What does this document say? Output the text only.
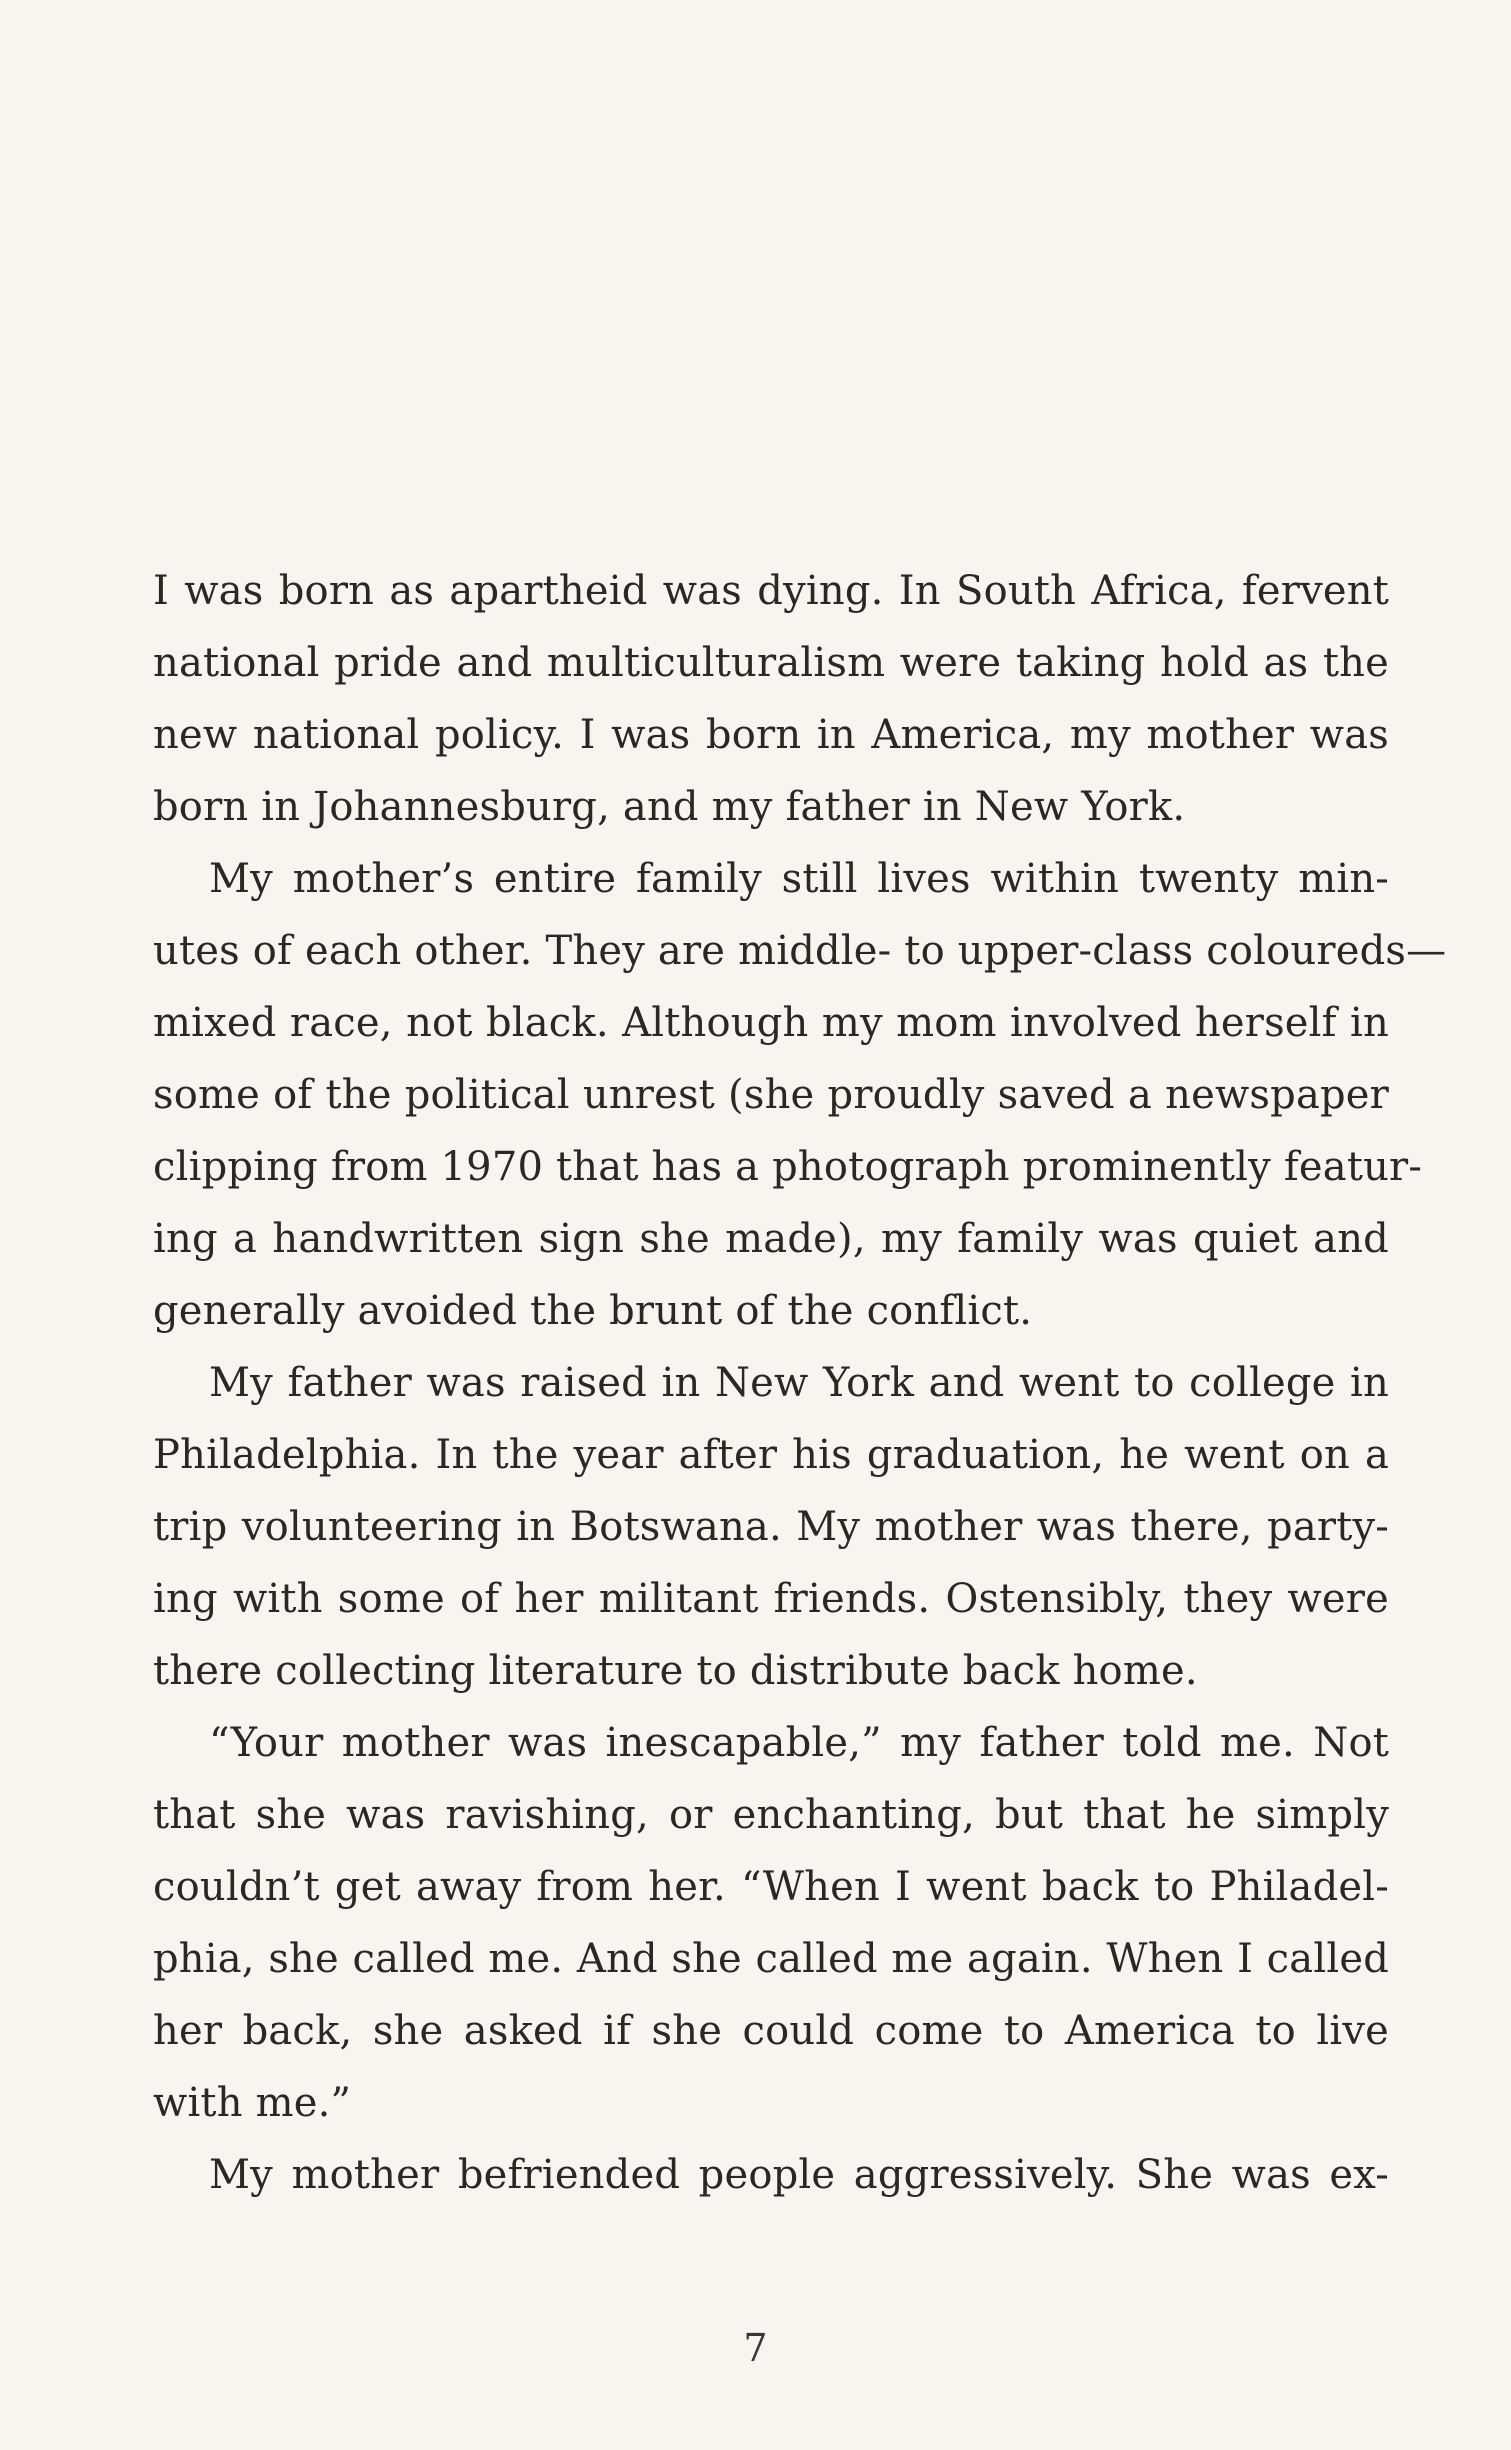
I was born as apartheid was dying. In South Africa, fervent
national pride and multiculturalism were taking hold as the
new national policy. I was born in America, my mother was
born in Johannesburg, and my father in New York.
My mother’s entire family still lives within twenty min-
utes of each other. They are middle- to upper-class coloureds—
mixed race, not black. Although my mom involved herself in
some of the political unrest (she proudly saved a newspaper
clipping from 1970 that has a photograph prominently featur-
ing a handwritten sign she made), my family was quiet and
generally avoided the brunt of the conflict.
My father was raised in New York and went to college in
Philadelphia. In the year after his graduation, he went on a
trip volunteering in Botswana. My mother was there, party-
ing with some of her militant friends. Ostensibly, they were
there collecting literature to distribute back home.
“Your mother was inescapable,” my father told me. Not
that she was ravishing, or enchanting, but that he simply
couldn’t get away from her. “When I went back to Philadel-
phia, she called me. And she called me again. When I called
her back, she asked if she could come to America to live
with me.”
My mother befriended people aggressively. She was ex-
7
